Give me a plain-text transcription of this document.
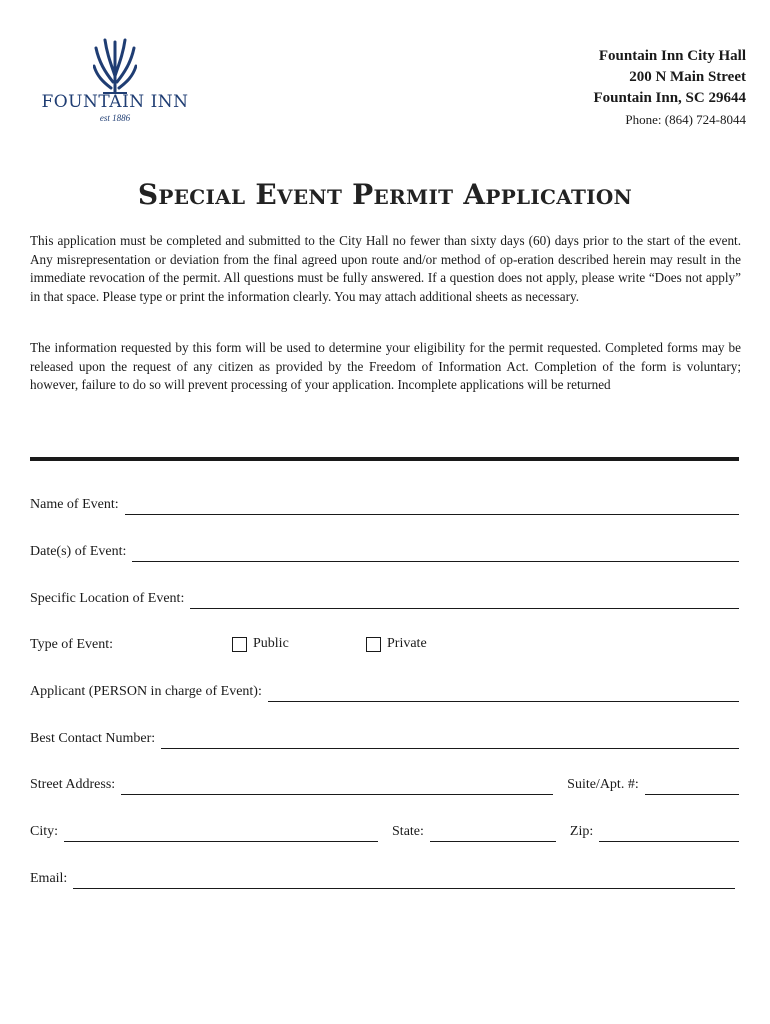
FOUNTAIN INN
est 1886
Fountain Inn City Hall
200 N Main Street
Fountain Inn, SC 29644
Phone: (864) 724-8044
Special Event Permit Application

This application must be completed and submitted to the City Hall no fewer than sixty days (60) days prior to the start of the event. Any misrepresentation or deviation from the final agreed upon route and/or method of op-eration described herein may result in the immediate revocation of the permit. All questions must be fully answered. If a question does not apply, please write “Does not apply” in that space. Please type or print the information clearly. You may attach additional sheets as necessary.

The information requested by this form will be used to determine your eligibility for the permit requested. Completed forms may be released upon the request of any citizen as provided by the Freedom of Information Act. Completion of the form is voluntary; however, failure to do so will prevent processing of your application. Incomplete applications will be returned

Name of Event:
Date(s) of Event:
Specific Location of Event:
Type of Event:	Public	Private
Applicant (PERSON in charge of Event):
Best Contact Number:
Street Address:	Suite/Apt. #:
City:	State:	Zip:
Email:
